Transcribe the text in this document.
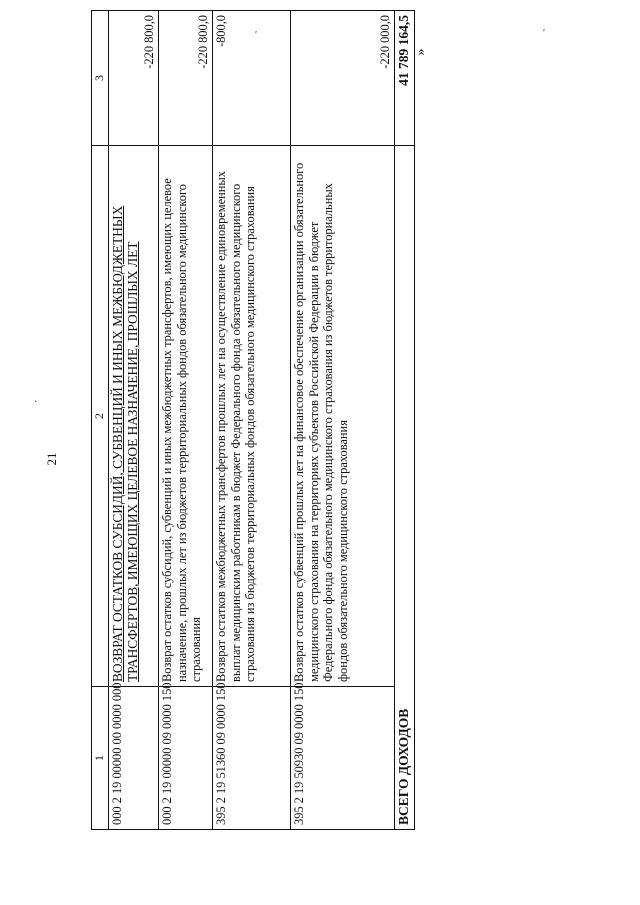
21
·
′
′
»
1	2	3
000 2 19 00000 00 0000 000	ВОЗВРАТ ОСТАТКОВ СУБСИДИЙ, СУБВЕНЦИЙ И ИНЫХ МЕЖБЮДЖЕТНЫХ ТРАНСФЕРТОВ, ИМЕЮЩИХ ЦЕЛЕВОЕ НАЗНАЧЕНИЕ, ПРОШЛЫХ ЛЕТ	-220 800,0
000 2 19 00000 09 0000 150	Возврат остатков субсидий, субвенций и иных межбюджетных трансфертов, имеющих целевое назначение, прошлых лет из бюджетов территориальных фондов обязательного медицинского страхования	-220 800,0
395 2 19 51360 09 0000 150	Возврат остатков межбюджетных трансфертов прошлых лет на осуществление единовременных выплат медицинским работникам в бюджет Федерального фонда обязательного медицинского страхования из бюджетов территориальных фондов обязательного медицинского страхования	-800,0
395 2 19 50930 09 0000 150	Возврат остатков субвенций прошлых лет на финансовое обеспечение организации обязательного медицинского страхования на территориях субъектов Российской Федерации в бюджет Федерального фонда обязательного медицинского страхования из бюджетов территориальных фондов обязательного медицинского страхования	-220 000,0
ВСЕГО ДОХОДОВ		41 789 164,5
